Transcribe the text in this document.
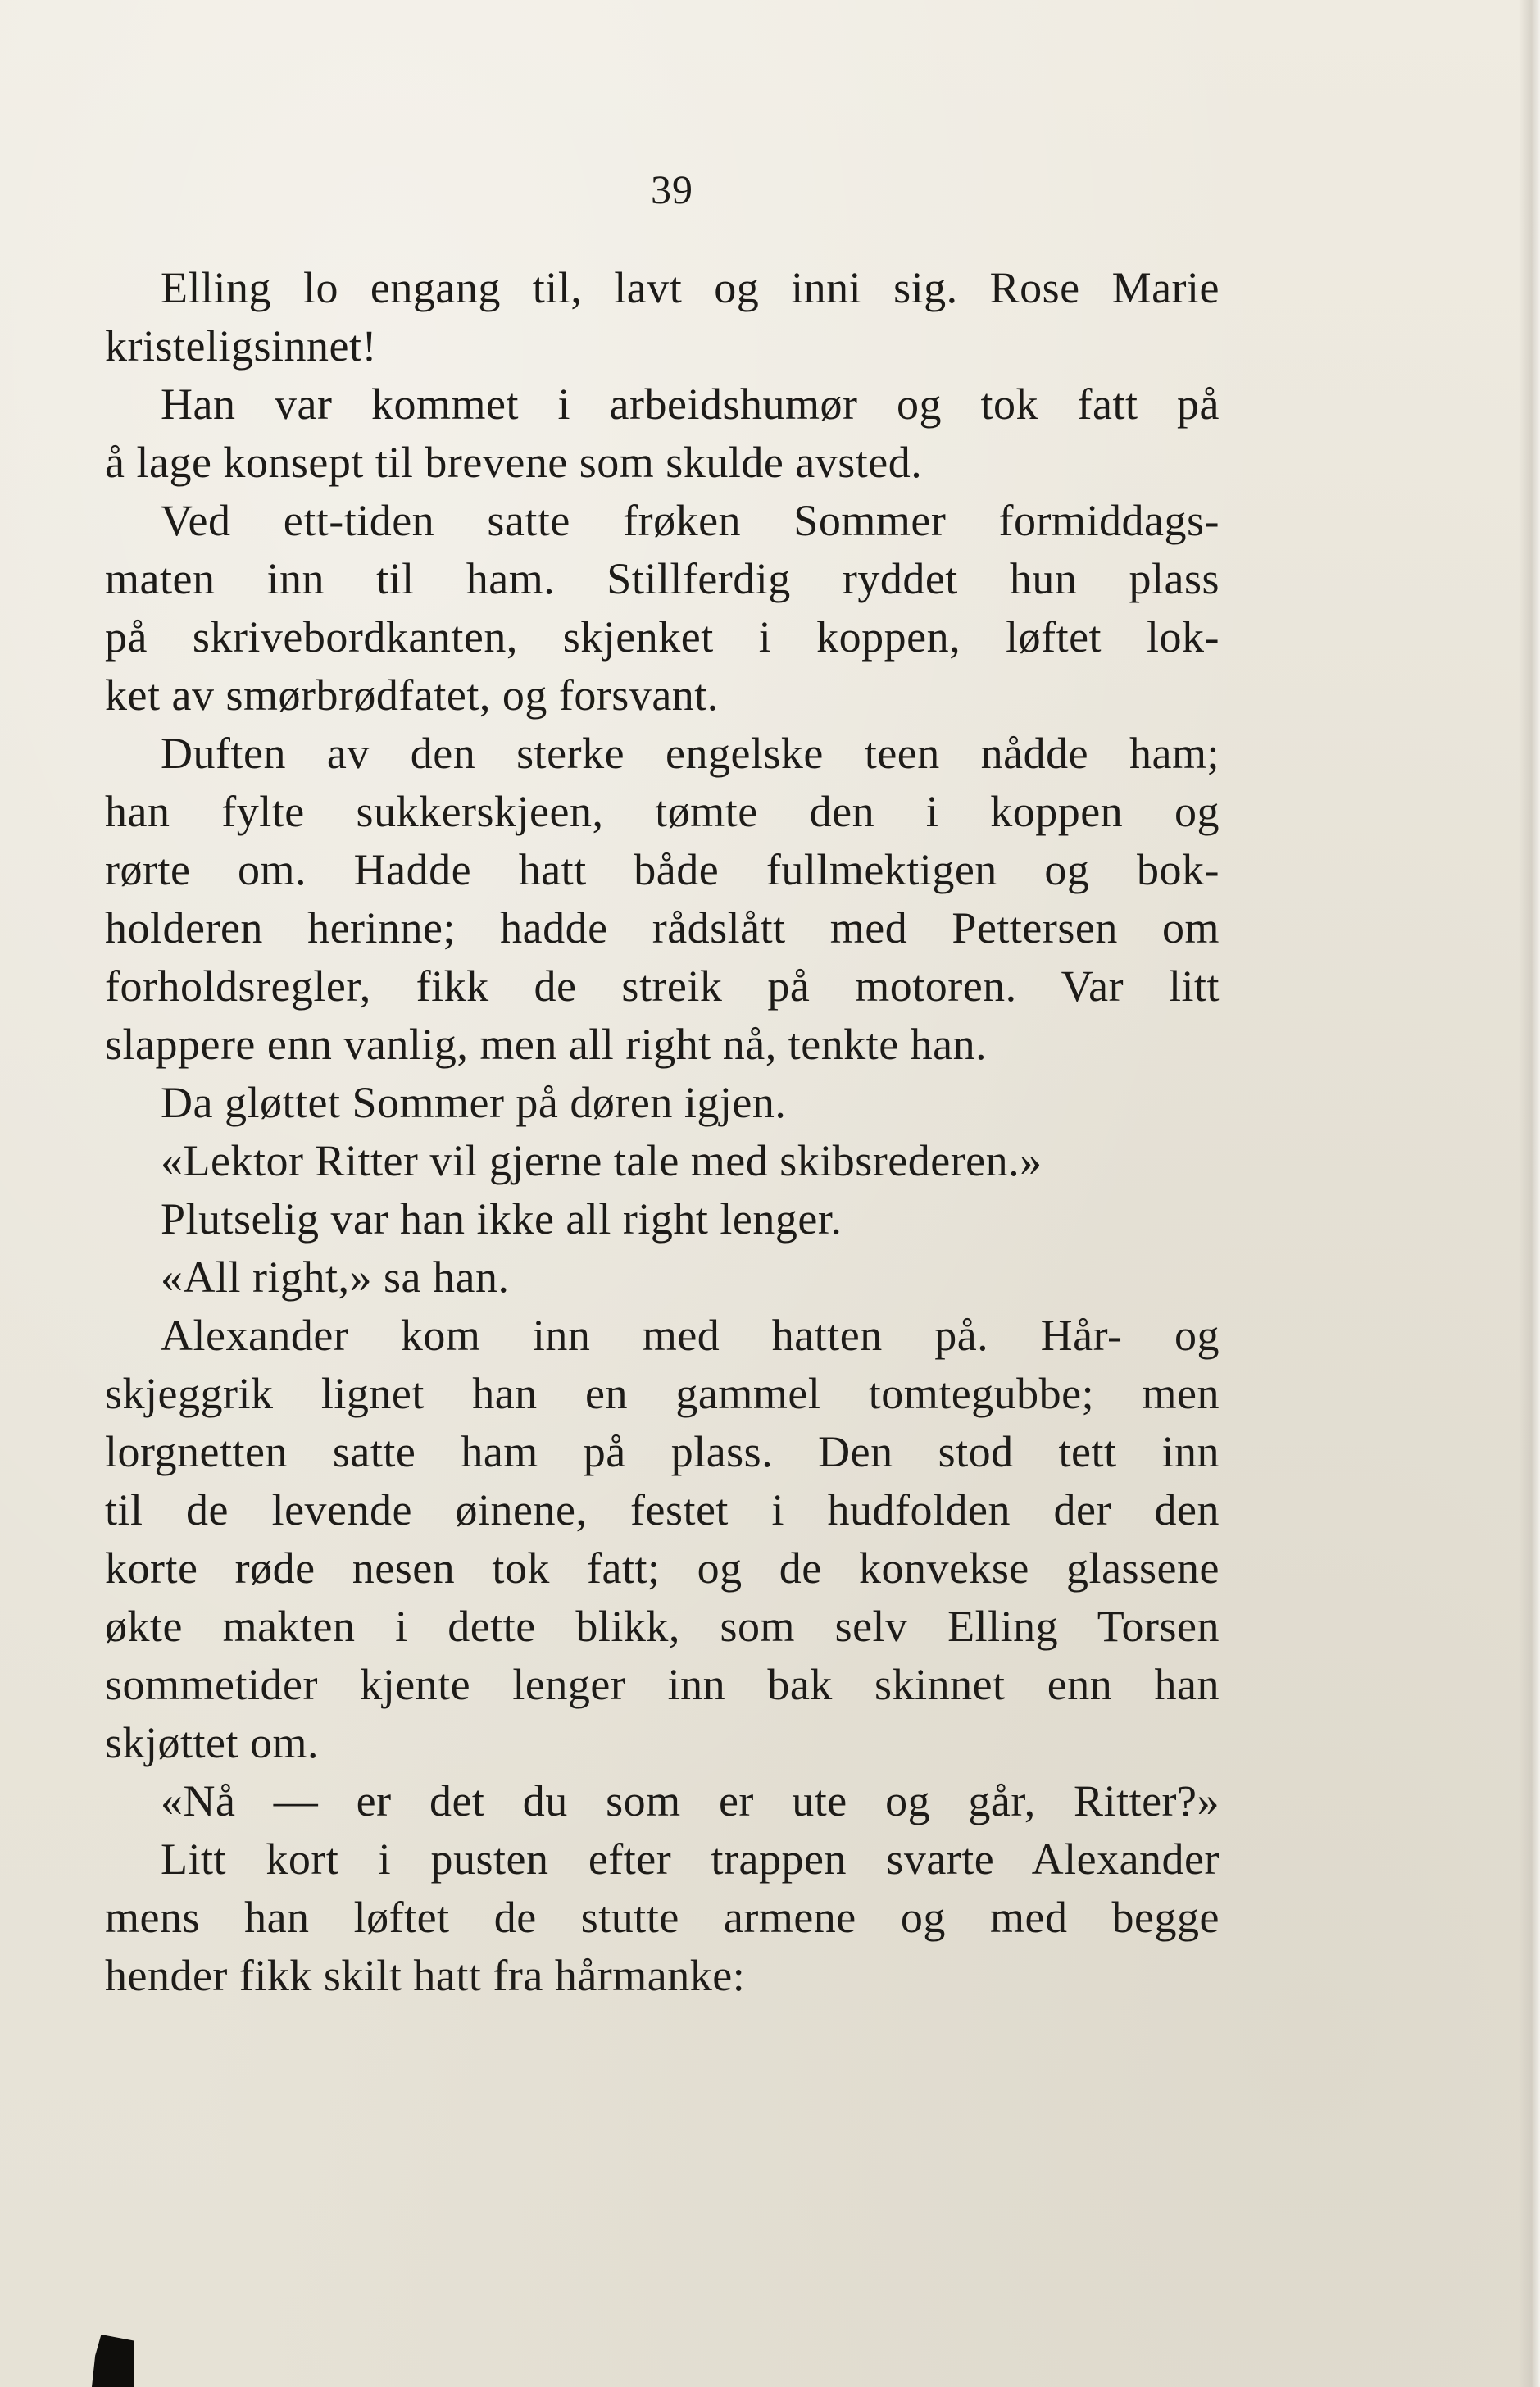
39
Elling lo engang til, lavt og inni sig. Rose Marie
kristeligsinnet!
Han var kommet i arbeidshumør og tok fatt på
å lage konsept til brevene som skulde avsted.
Ved ett-tiden satte frøken Sommer formiddags-
maten inn til ham. Stillferdig ryddet hun plass
på skrivebordkanten, skjenket i koppen, løftet lok-
ket av smørbrødfatet, og forsvant.
Duften av den sterke engelske teen nådde ham;
han fylte sukkerskjeen, tømte den i koppen og
rørte om. Hadde hatt både fullmektigen og bok-
holderen herinne; hadde rådslått med Pettersen om
forholdsregler, fikk de streik på motoren. Var litt
slappere enn vanlig, men all right nå, tenkte han.
Da gløttet Sommer på døren igjen.
«Lektor Ritter vil gjerne tale med skibsrederen.»
Plutselig var han ikke all right lenger.
«All right,» sa han.
Alexander kom inn med hatten på. Hår- og
skjeggrik lignet han en gammel tomtegubbe; men
lorgnetten satte ham på plass. Den stod tett inn
til de levende øinene, festet i hudfolden der den
korte røde nesen tok fatt; og de konvekse glassene
økte makten i dette blikk, som selv Elling Torsen
sommetider kjente lenger inn bak skinnet enn han
skjøttet om.
«Nå — er det du som er ute og går, Ritter?»
Litt kort i pusten efter trappen svarte Alexander
mens han løftet de stutte armene og med begge
hender fikk skilt hatt fra hårmanke:
